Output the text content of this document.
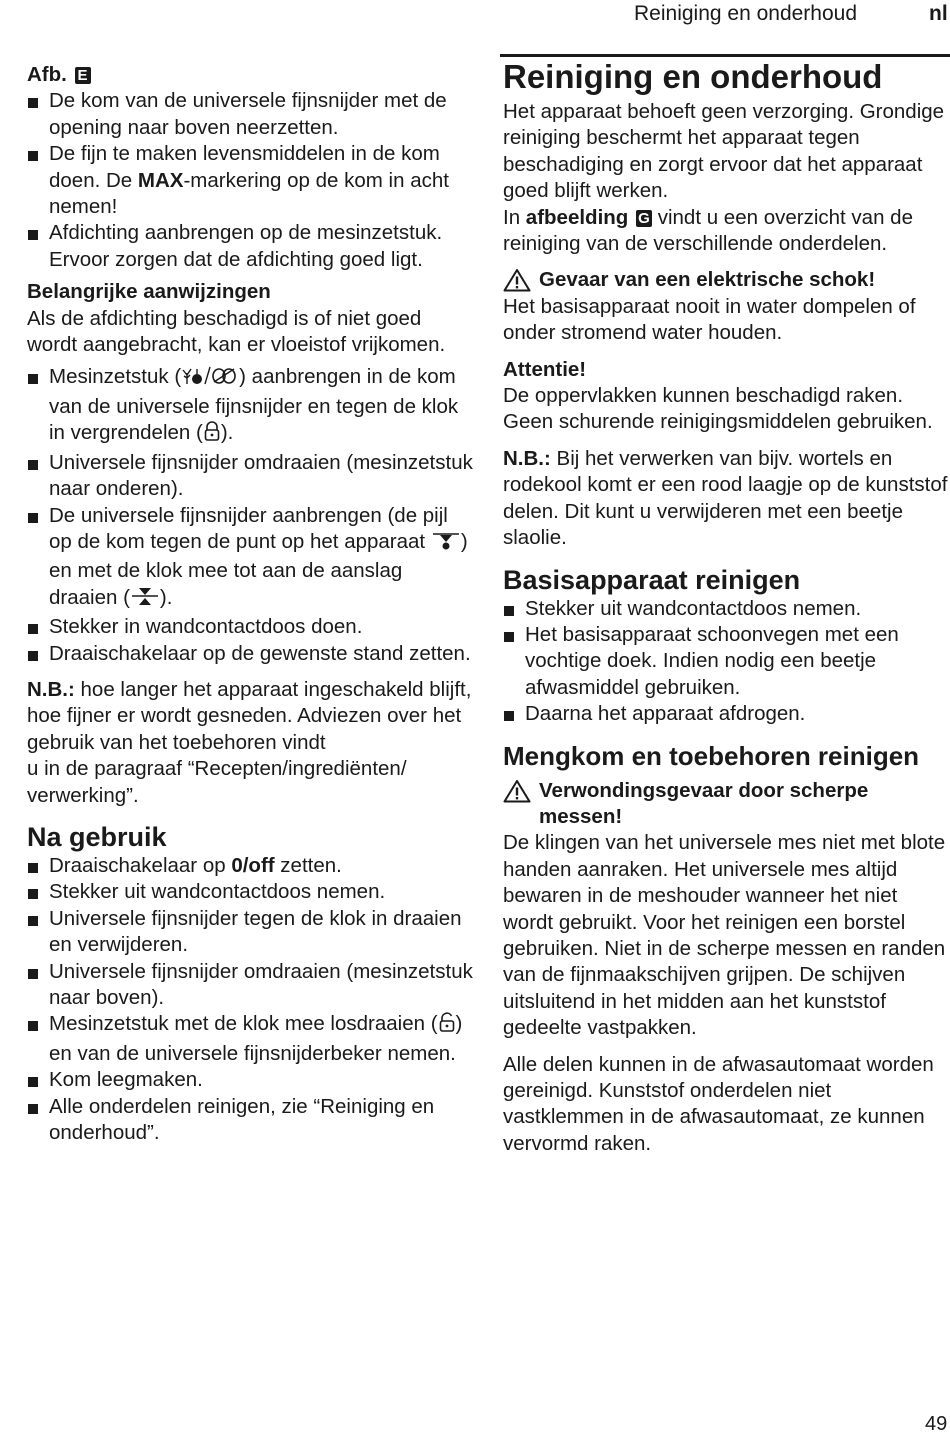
Reiniging en onderhoud	nl

Afb. E

De kom van de universele fijnsnijder met de opening naar boven neerzetten.
De fijn te maken levensmiddelen in de kom doen. De MAX-markering op de kom in acht nemen!
Afdichting aanbrengen op de mesinzetstuk. Ervoor zorgen dat de afdichting goed ligt.

Belangrijke aanwijzingen

Als de afdichting beschadigd is of niet goed wordt aangebracht, kan er vloeistof vrijkomen.

Mesinzetstuk (	) aanbrengen in de kom van de universele fijnsnijder en tegen de klok in vergrendelen ( ).
Universele fijnsnijder omdraaien (mesinzetstuk naar onderen).
De universele fijnsnijder aanbrengen (de pijl op de kom tegen de punt op het apparaat ) en met de klok mee tot aan de aanslag draaien ( ).
Stekker in wandcontactdoos doen.
Draaischakelaar op de gewenste stand zetten.

N.B.: hoe langer het apparaat ingeschakeld blijft, hoe fijner er wordt gesneden. Adviezen over het gebruik van het toebehoren vindt

u in de paragraaf “Recepten/ingrediënten/ verwerking”.

Na gebruik

Draaischakelaar op 0/off zetten.
Stekker uit wandcontactdoos nemen.
Universele fijnsnijder tegen de klok in draaien en verwijderen.
Universele fijnsnijder omdraaien (mesinzetstuk naar boven).
Mesinzetstuk met de klok mee losdraaien ( ) en van de universele fijnsnijderbeker nemen.
Kom leegmaken.
Alle onderdelen reinigen, zie “Reiniging en onderhoud”.

Reiniging en onderhoud

Het apparaat behoeft geen verzorging. Grondige reiniging beschermt het apparaat tegen beschadiging en zorgt ervoor dat het apparaat goed blijft werken.

In afbeelding G vindt u een overzicht van de reiniging van de verschillende onderdelen.

Gevaar van een elektrische schok!

Het basisapparaat nooit in water dompelen of onder stromend water houden.

Attentie!

De oppervlakken kunnen beschadigd raken. Geen schurende reinigingsmiddelen gebruiken.

N.B.: Bij het verwerken van bijv. wortels en rodekool komt er een rood laagje op de kunststof delen. Dit kunt u verwijderen met een beetje slaolie.

Basisapparaat reinigen

Stekker uit wandcontactdoos nemen.
Het basisapparaat schoonvegen met een vochtige doek. Indien nodig een beetje afwasmiddel gebruiken.
Daarna het apparaat afdrogen.

Mengkom en toebehoren reinigen

Verwondingsgevaar door scherpe messen!

De klingen van het universele mes niet met blote handen aanraken. Het universele mes altijd bewaren in de meshouder wanneer het niet wordt gebruikt. Voor het reinigen een borstel gebruiken. Niet in de scherpe messen en randen van de fijnmaakschijven grijpen. De schijven uitsluitend in het midden aan het kunststof gedeelte vastpakken.

Alle delen kunnen in de afwasautomaat worden gereinigd. Kunststof onderdelen niet vastklemmen in de afwasautomaat, ze kunnen vervormd raken.

49
